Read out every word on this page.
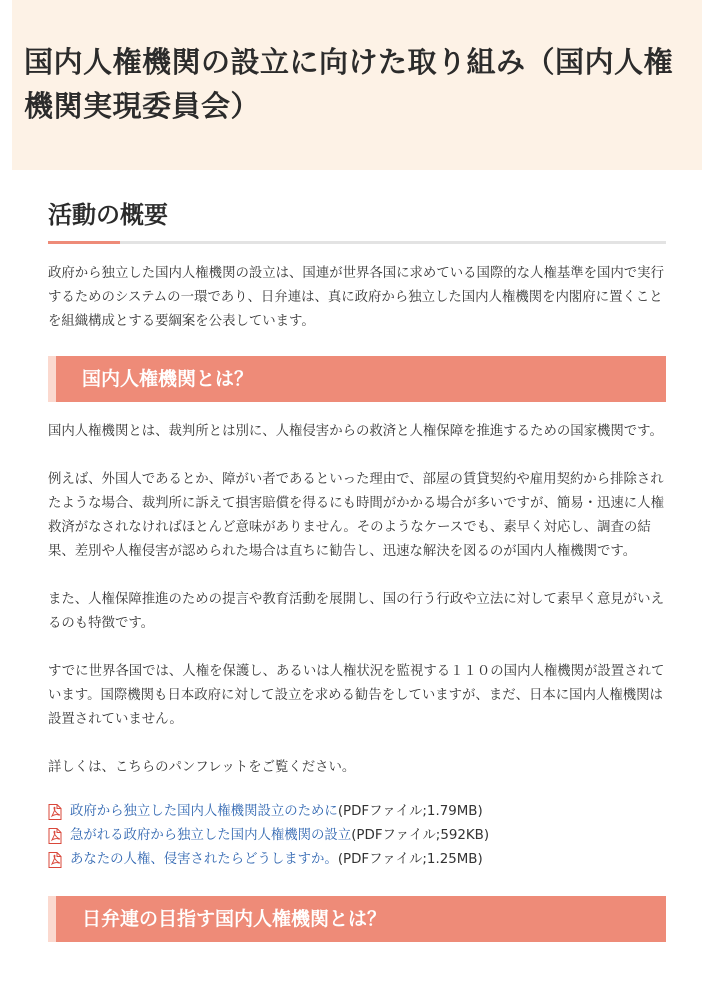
国内人権機関の設立に向けた取り組み（国内人権機関実現委員会）
活動の概要

政府から独立した国内人権機関の設立は、国連が世界各国に求めている国際的な人権基準を国内で実行するためのシステムの一環であり、日弁連は、真に政府から独立した国内人権機関を内閣府に置くことを組織構成とする要綱案を公表しています。

国内人権機関とは？

国内人権機関とは、裁判所とは別に、人権侵害からの救済と人権保障を推進するための国家機関です。

例えば、外国人であるとか、障がい者であるといった理由で、部屋の賃貸契約や雇用契約から排除されたような場合、裁判所に訴えて損害賠償を得るにも時間がかかる場合が多いですが、簡易・迅速に人権救済がなされなければほとんど意味がありません。そのようなケースでも、素早く対応し、調査の結果、差別や人権侵害が認められた場合は直ちに勧告し、迅速な解決を図るのが国内人権機関です。

また、人権保障推進のための提言や教育活動を展開し、国の行う行政や立法に対して素早く意見がいえるのも特徴です。

すでに世界各国では、人権を保護し、あるいは人権状況を監視する１１０の国内人権機関が設置されています。国際機関も日本政府に対して設立を求める勧告をしていますが、まだ、日本に国内人権機関は設置されていません。

詳しくは、こちらのパンフレットをご覧ください。

政府から独立した国内人権機関設立のために (PDFファイル;1.79MB)
急がれる政府から独立した国内人権機関の設立 (PDFファイル;592KB)
あなたの人権、侵害されたらどうしますか。 (PDFファイル;1.25MB)
日弁連の目指す国内人権機関とは？
